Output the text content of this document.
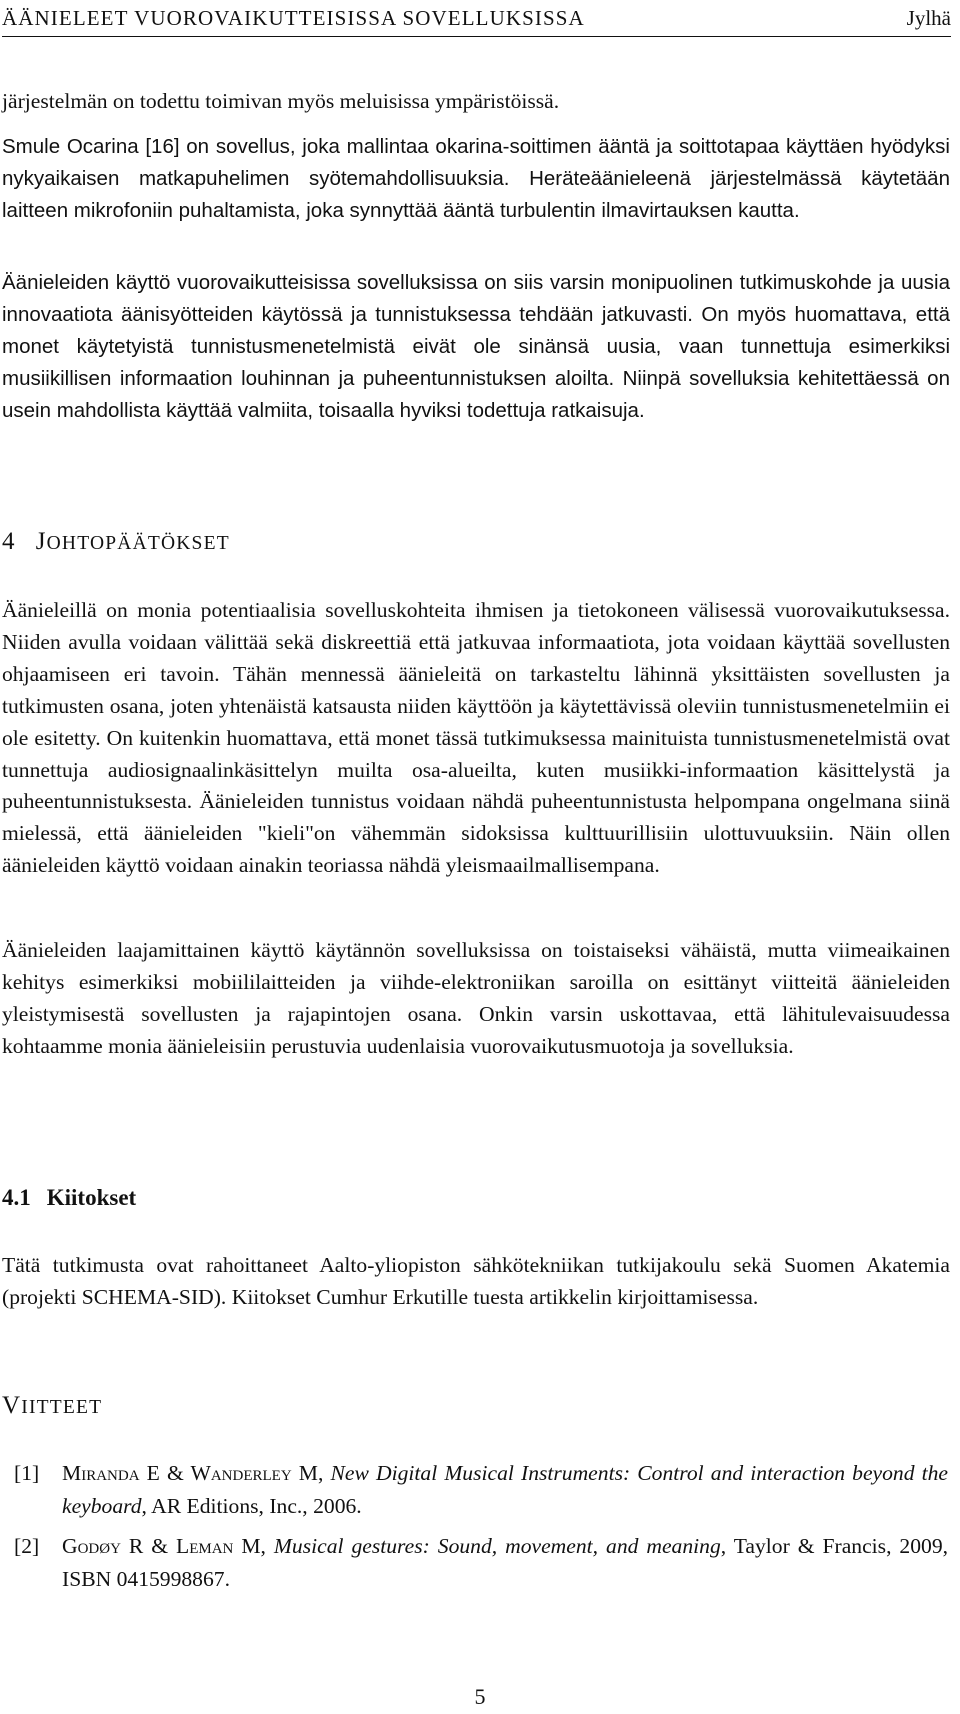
ÄÄNIELEET VUOROVAIKUTTEISISSA SOVELLUKSISSA	Jylhä

järjestelmän on todettu toimivan myös meluisissa ympäristöissä.

Smule Ocarina [16] on sovellus, joka mallintaa okarina-soittimen ääntä ja soittotapaa käyttäen hyödyksi nykyaikaisen matkapuhelimen syötemahdollisuuksia. Heräteäänieleenä järjestelmässä käytetään laitteen mikrofoniin puhaltamista, joka synnyttää ääntä turbulentin ilmavirtauksen kautta.

Äänieleiden käyttö vuorovaikutteisissa sovelluksissa on siis varsin monipuolinen tutkimuskohde ja uusia innovaatiota äänisyötteiden käytössä ja tunnistuksessa tehdään jatkuvasti. On myös huomattava, että monet käytetyistä tunnistusmenetelmistä eivät ole sinänsä uusia, vaan tunnettuja esimerkiksi musiikillisen informaation louhinnan ja puheentunnistuksen aloilta. Niinpä sovelluksia kehitettäessä on usein mahdollista käyttää valmiita, toisaalla hyviksi todettuja ratkaisuja.

4 JOHTOPÄÄTÖKSET

Äänieleillä on monia potentiaalisia sovelluskohteita ihmisen ja tietokoneen välisessä vuorovaikutuksessa. Niiden avulla voidaan välittää sekä diskreettiä että jatkuvaa informaatiota, jota voidaan käyttää sovellusten ohjaamiseen eri tavoin. Tähän mennessä äänieleitä on tarkasteltu lähinnä yksittäisten sovellusten ja tutkimusten osana, joten yhtenäistä katsausta niiden käyttöön ja käytettävissä oleviin tunnistusmenetelmiin ei ole esitetty. On kuitenkin huomattava, että monet tässä tutkimuksessa mainituista tunnistusmenetelmistä ovat tunnettuja audiosignaalinkäsittelyn muilta osa-alueilta, kuten musiikki-informaation käsittelystä ja puheentunnistuksesta. Äänieleiden tunnistus voidaan nähdä puheentunnistusta helpompana ongelmana siinä mielessä, että äänieleiden "kieli"on vähemmän sidoksissa kulttuurillisiin ulottuvuuksiin. Näin ollen äänieleiden käyttö voidaan ainakin teoriassa nähdä yleismaailmallisempana.

Äänieleiden laajamittainen käyttö käytännön sovelluksissa on toistaiseksi vähäistä, mutta viimeaikainen kehitys esimerkiksi mobiililaitteiden ja viihde-elektroniikan saroilla on esittänyt viitteitä äänieleiden yleistymisestä sovellusten ja rajapintojen osana. Onkin varsin uskottavaa, että lähitulevaisuudessa kohtaamme monia äänieleisiin perustuvia uudenlaisia vuorovaikutusmuotoja ja sovelluksia.

4.1 Kiitokset

Tätä tutkimusta ovat rahoittaneet Aalto-yliopiston sähkötekniikan tutkijakoulu sekä Suomen Akatemia (projekti SCHEMA-SID). Kiitokset Cumhur Erkutille tuesta artikkelin kirjoittamisessa.

VIITTEET
[1] Miranda E & Wanderley M, New Digital Musical Instruments: Control and interaction beyond the keyboard, AR Editions, Inc., 2006.
[2] Godøy R & Leman M, Musical gestures: Sound, movement, and meaning, Taylor & Francis, 2009, ISBN 0415998867.
5
